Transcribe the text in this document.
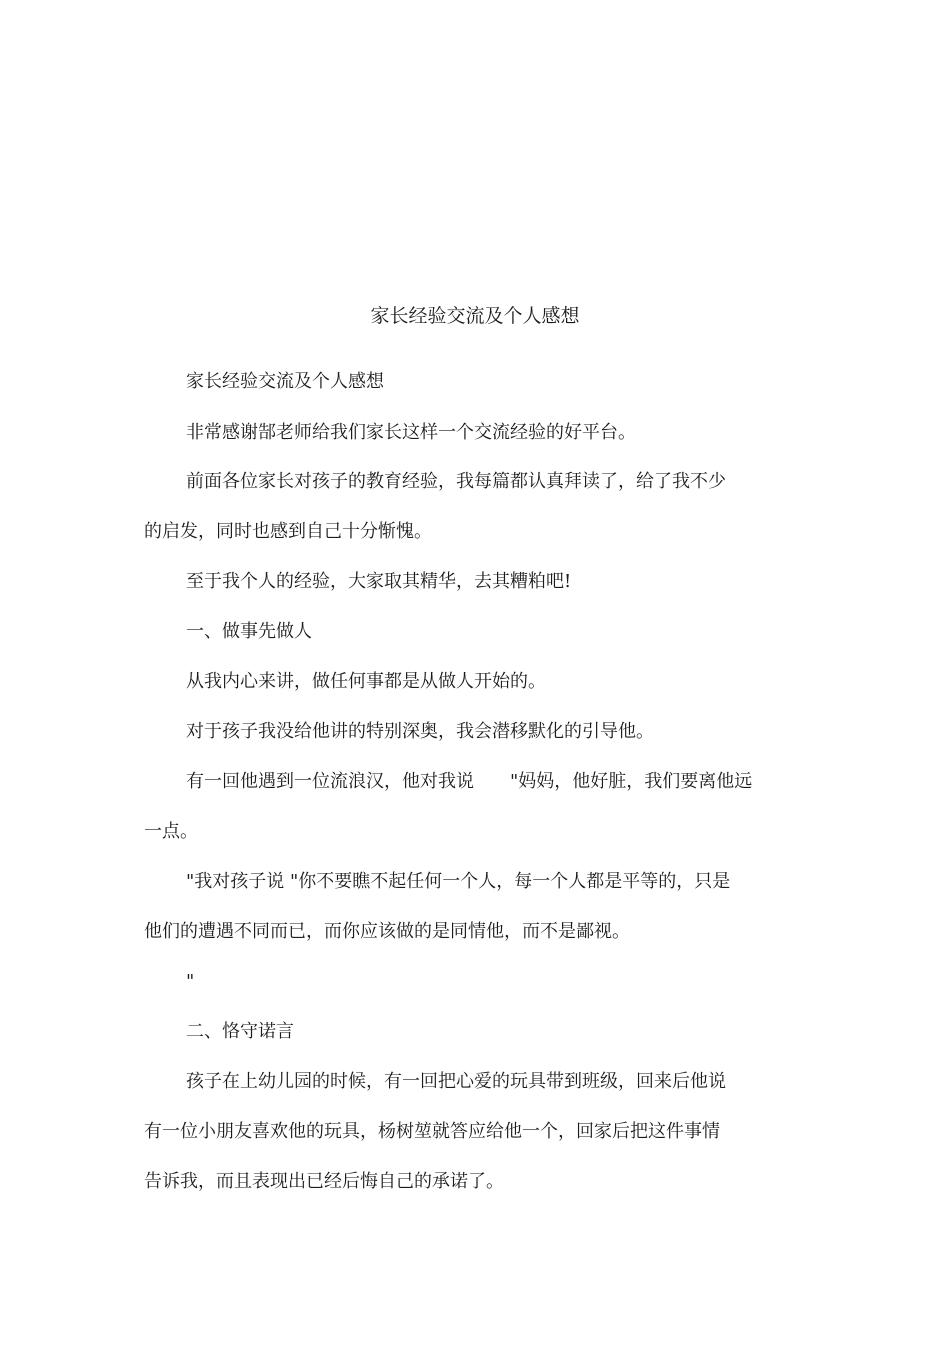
家长经验交流及个人感想
家长经验交流及个人感想
非常感谢郜老师给我们家长这样一个交流经验的好平台。
前面各位家长对孩子的教育经验，我每篇都认真拜读了，给了我不少
的启发，同时也感到自己十分惭愧。
至于我个人的经验，大家取其精华，去其糟粕吧!
一、做事先做人
从我内心来讲，做任何事都是从做人开始的。
对于孩子我没给他讲的特别深奥，我会潜移默化的引导他。
有一回他遇到一位流浪汉，他对我说　　"妈妈，他好脏，我们要离他远
一点。
"我对孩子说 "你不要瞧不起任何一个人，每一个人都是平等的，只是
他们的遭遇不同而已，而你应该做的是同情他，而不是鄙视。
"
二、恪守诺言
孩子在上幼儿园的时候，有一回把心爱的玩具带到班级，回来后他说
有一位小朋友喜欢他的玩具，杨树堃就答应给他一个，回家后把这件事情
告诉我，而且表现出已经后悔自己的承诺了。
